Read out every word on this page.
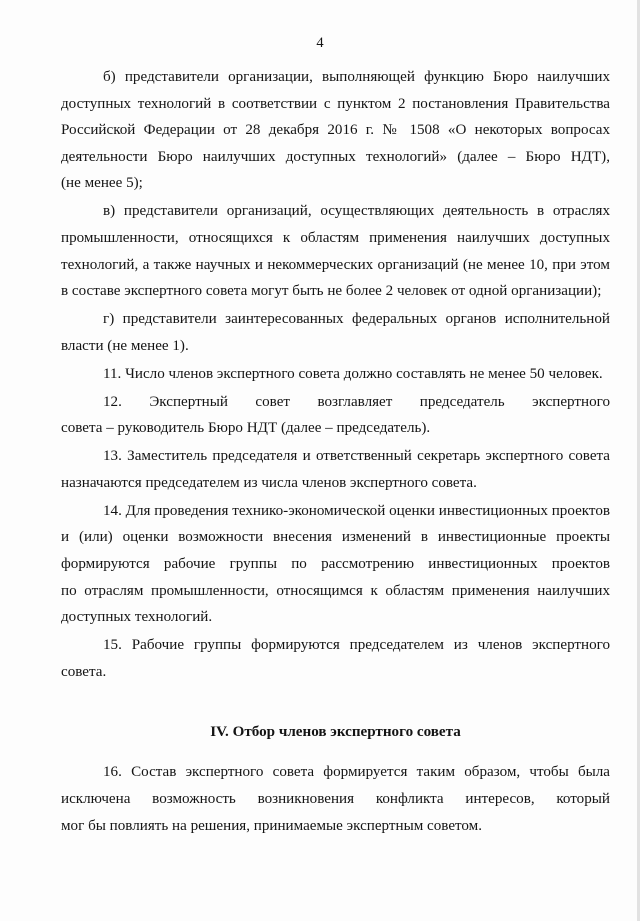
4
б) представители организации, выполняющей функцию Бюро наилучших
доступных технологий в соответствии с пунктом 2 постановления Правительства
Российской Федерации от 28 декабря 2016 г. № 1508 «О некоторых вопросах
деятельности Бюро наилучших доступных технологий» (далее – Бюро НДТ),
(не менее 5);
в) представители организаций, осуществляющих деятельность в отраслях
промышленности, относящихся к областям применения наилучших доступных
технологий, а также научных и некоммерческих организаций (не менее 10, при этом
в составе экспертного совета могут быть не более 2 человек от одной организации);
г) представители заинтересованных федеральных органов исполнительной
власти (не менее 1).
11. Число членов экспертного совета должно составлять не менее 50 человек.
12. Экспертный совет возглавляет председатель экспертного
совета – руководитель Бюро НДТ (далее – председатель).
13. Заместитель председателя и ответственный секретарь экспертного совета
назначаются председателем из числа членов экспертного совета.
14. Для проведения технико-экономической оценки инвестиционных проектов
и (или) оценки возможности внесения изменений в инвестиционные проекты
формируются рабочие группы по рассмотрению инвестиционных проектов
по отраслям промышленности, относящимся к областям применения наилучших
доступных технологий.
15. Рабочие группы формируются председателем из членов экспертного
совета.
IV. Отбор членов экспертного совета
16. Состав экспертного совета формируется таким образом, чтобы была
исключена возможность возникновения конфликта интересов, который
мог бы повлиять на решения, принимаемые экспертным советом.
